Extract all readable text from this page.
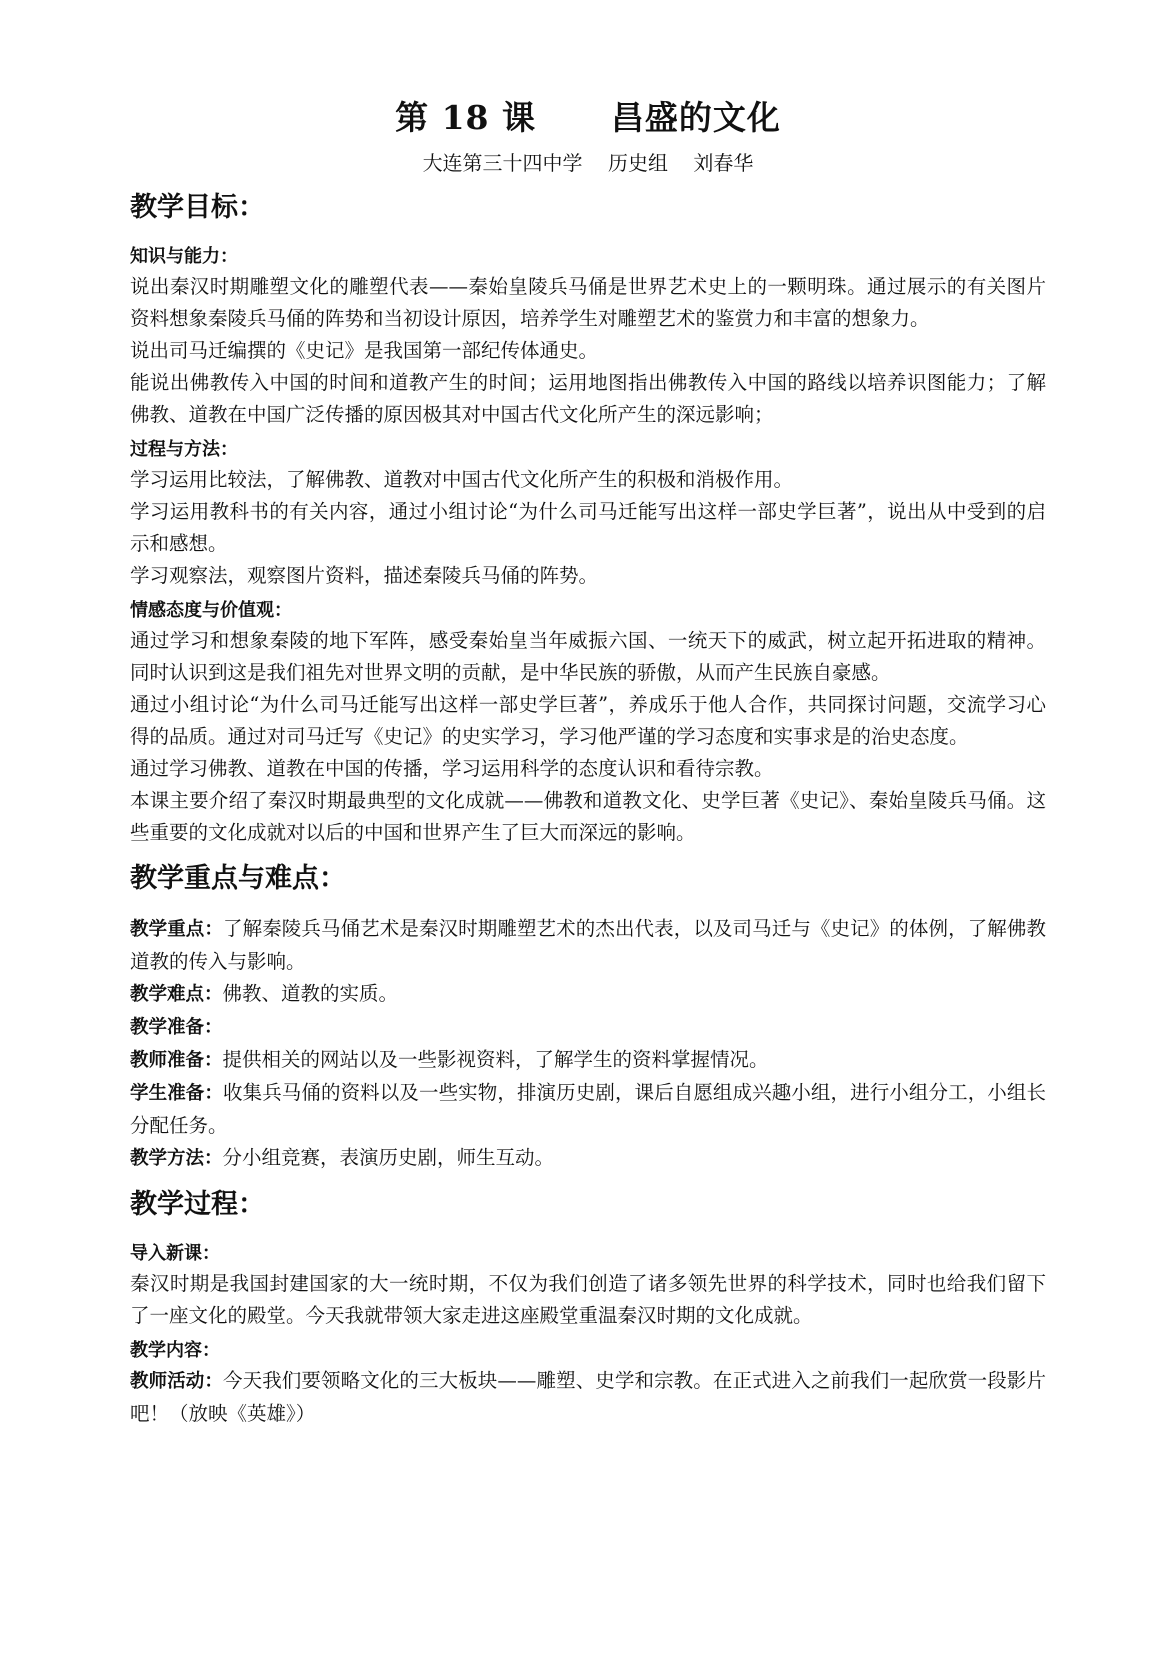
第 18 课      昌盛的文化
大连第三十四中学    历史组    刘春华
教学目标：
知识与能力：

说出秦汉时期雕塑文化的雕塑代表——秦始皇陵兵马俑是世界艺术史上的一颗明珠。通过展示的有关图片资料想象秦陵兵马俑的阵势和当初设计原因，培养学生对雕塑艺术的鉴赏力和丰富的想象力。

说出司马迁编撰的《史记》是我国第一部纪传体通史。

能说出佛教传入中国的时间和道教产生的时间；运用地图指出佛教传入中国的路线以培养识图能力；了解佛教、道教在中国广泛传播的原因极其对中国古代文化所产生的深远影响；

过程与方法：

学习运用比较法，了解佛教、道教对中国古代文化所产生的积极和消极作用。

学习运用教科书的有关内容，通过小组讨论“为什么司马迁能写出这样一部史学巨著”，说出从中受到的启示和感想。

学习观察法，观察图片资料，描述秦陵兵马俑的阵势。

情感态度与价值观：

通过学习和想象秦陵的地下军阵，感受秦始皇当年威振六国、一统天下的威武，树立起开拓进取的精神。同时认识到这是我们祖先对世界文明的贡献，是中华民族的骄傲，从而产生民族自豪感。

通过小组讨论“为什么司马迁能写出这样一部史学巨著”，养成乐于他人合作，共同探讨问题，交流学习心得的品质。通过对司马迁写《史记》的史实学习，学习他严谨的学习态度和实事求是的治史态度。

通过学习佛教、道教在中国的传播，学习运用科学的态度认识和看待宗教。

本课主要介绍了秦汉时期最典型的文化成就——佛教和道教文化、史学巨著《史记》、秦始皇陵兵马俑。这些重要的文化成就对以后的中国和世界产生了巨大而深远的影响。

教学重点与难点：

教学重点：了解秦陵兵马俑艺术是秦汉时期雕塑艺术的杰出代表，以及司马迁与《史记》的体例，了解佛教道教的传入与影响。

教学难点：佛教、道教的实质。

教学准备：

教师准备：提供相关的网站以及一些影视资料，了解学生的资料掌握情况。

学生准备：收集兵马俑的资料以及一些实物，排演历史剧，课后自愿组成兴趣小组，进行小组分工，小组长分配任务。

教学方法：分小组竞赛，表演历史剧，师生互动。

教学过程：
导入新课：

秦汉时期是我国封建国家的大一统时期，不仅为我们创造了诸多领先世界的科学技术，同时也给我们留下了一座文化的殿堂。今天我就带领大家走进这座殿堂重温秦汉时期的文化成就。

教学内容：

教师活动：今天我们要领略文化的三大板块——雕塑、史学和宗教。在正式进入之前我们一起欣赏一段影片吧！（放映《英雄》）
